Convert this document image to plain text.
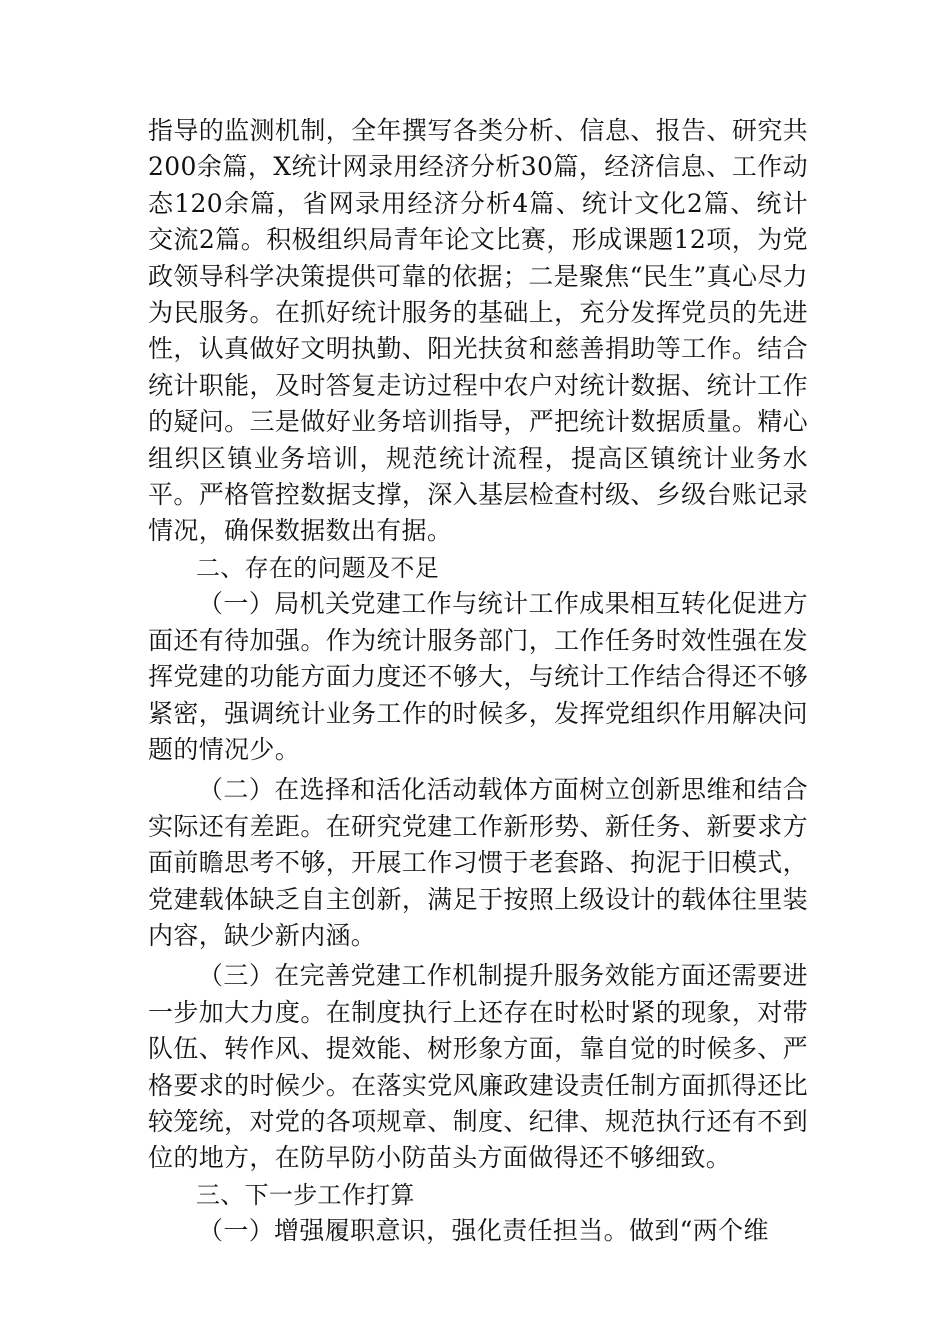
指导的监测机制，全年撰写各类分析、信息、报告、研究共200余篇，X统计网录用经济分析30篇，经济信息、工作动态120余篇，省网录用经济分析4篇、统计文化2篇、统计交流2篇。积极组织局青年论文比赛，形成课题12项，为党政领导科学决策提供可靠的依据；二是聚焦“民生”真心尽力为民服务。在抓好统计服务的基础上，充分发挥党员的先进性，认真做好文明执勤、阳光扶贫和慈善捐助等工作。结合统计职能，及时答复走访过程中农户对统计数据、统计工作的疑问。三是做好业务培训指导，严把统计数据质量。精心组织区镇业务培训，规范统计流程，提高区镇统计业务水平。严格管控数据支撑，深入基层检查村级、乡级台账记录情况，确保数据数出有据。

二、存在的问题及不足

（一）局机关党建工作与统计工作成果相互转化促进方面还有待加强。作为统计服务部门，工作任务时效性强在发挥党建的功能方面力度还不够大，与统计工作结合得还不够紧密，强调统计业务工作的时候多，发挥党组织作用解决问题的情况少。

（二）在选择和活化活动载体方面树立创新思维和结合实际还有差距。在研究党建工作新形势、新任务、新要求方面前瞻思考不够，开展工作习惯于老套路、拘泥于旧模式，党建载体缺乏自主创新，满足于按照上级设计的载体往里装内容，缺少新内涵。

（三）在完善党建工作机制提升服务效能方面还需要进一步加大力度。在制度执行上还存在时松时紧的现象，对带队伍、转作风、提效能、树形象方面，靠自觉的时候多、严格要求的时候少。在落实党风廉政建设责任制方面抓得还比较笼统，对党的各项规章、制度、纪律、规范执行还有不到位的地方，在防早防小防苗头方面做得还不够细致。

三、下一步工作打算

（一）增强履职意识，强化责任担当。做到“两个维
